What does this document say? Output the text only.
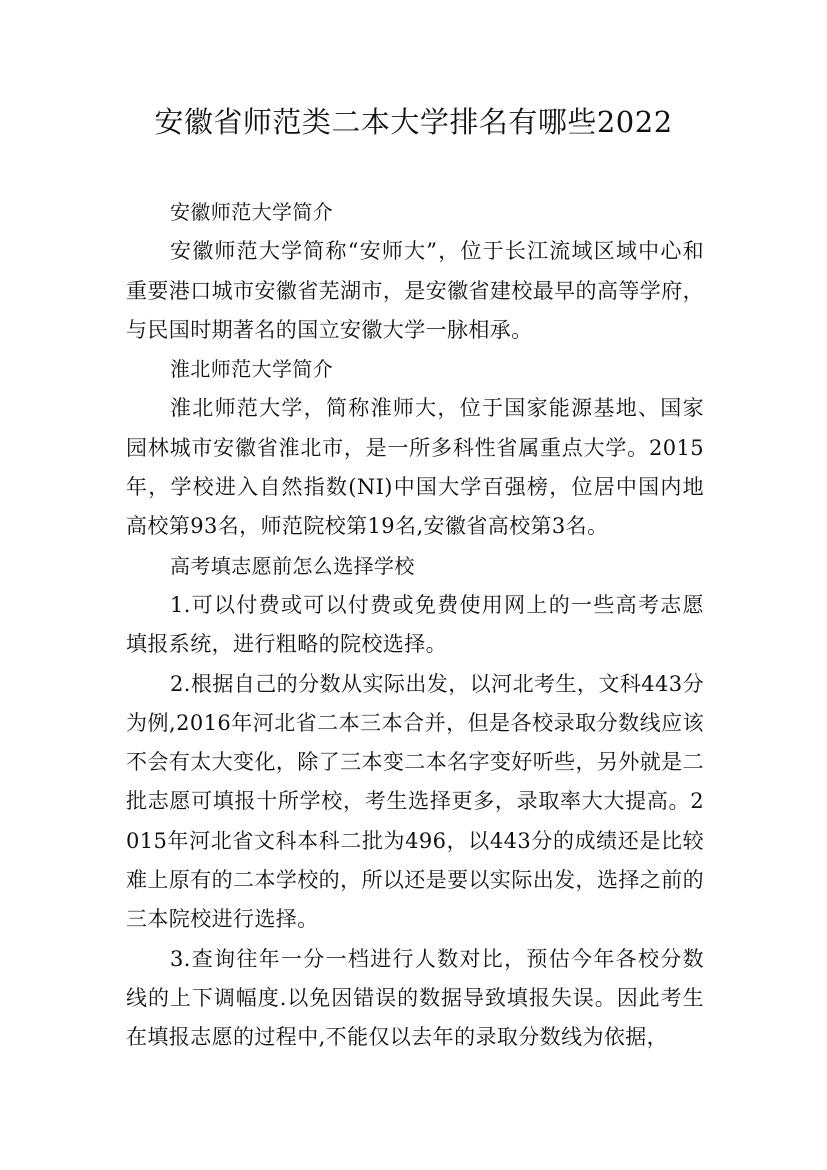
安徽省师范类二本大学排名有哪些2022

安徽师范大学简介

安徽师范大学简称“安师大”，位于长江流域区域中心和重要港口城市安徽省芜湖市，是安徽省建校最早的高等学府，与民国时期著名的国立安徽大学一脉相承。

淮北师范大学简介

淮北师范大学，简称淮师大，位于国家能源基地、国家园林城市安徽省淮北市，是一所多科性省属重点大学。2015年，学校进入自然指数(NI)中国大学百强榜，位居中国内地高校第93名，师范院校第19名,安徽省高校第3名。

高考填志愿前怎么选择学校

1.可以付费或可以付费或免费使用网上的一些高考志愿填报系统，进行粗略的院校选择。

2.根据自己的分数从实际出发，以河北考生，文科443分为例,2016年河北省二本三本合并，但是各校录取分数线应该不会有太大变化，除了三本变二本名字变好听些，另外就是二批志愿可填报十所学校，考生选择更多，录取率大大提高。2015年河北省文科本科二批为496，以443分的成绩还是比较难上原有的二本学校的，所以还是要以实际出发，选择之前的三本院校进行选择。

3.查询往年一分一档进行人数对比，预估今年各校分数线的上下调幅度.以免因错误的数据导致填报失误。因此考生在填报志愿的过程中,不能仅以去年的录取分数线为依据，
